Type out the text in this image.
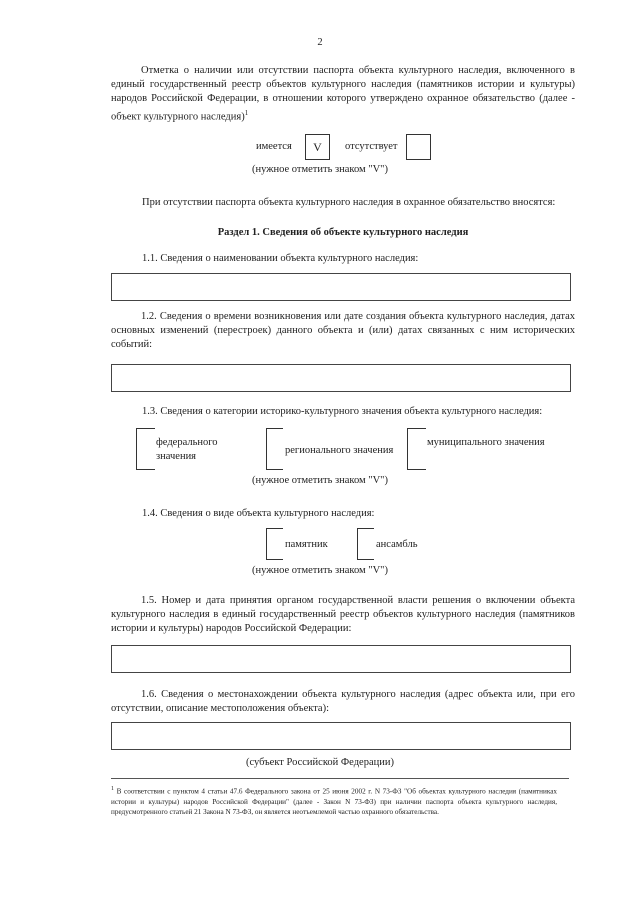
2
Отметка о наличии или отсутствии паспорта объекта культурного наследия, включенного в единый государственный реестр объектов культурного наследия (памятников истории и культуры) народов Российской Федерации, в отношении которого утверждено охранное обязательство (далее - объект культурного наследия)$^1$
имеется	V	отсутствует
(нужное отметить знаком "V")
При отсутствии паспорта объекта культурного наследия в охранное обязательство вносятся:
Раздел 1. Сведения об объекте культурного наследия
1.1. Сведения о наименовании объекта культурного наследия:
1.2. Сведения о времени возникновения или дате создания объекта культурного наследия, датах основных изменений (перестроек) данного объекта и (или) датах связанных с ним исторических событий:
1.3. Сведения о категории историко-культурного значения объекта культурного наследия:
федерального значения
регионального значения
муниципального значения
(нужное отметить знаком "V")
1.4. Сведения о виде объекта культурного наследия:
памятник	ансамбль
(нужное отметить знаком "V")
1.5. Номер и дата принятия органом государственной власти решения о включении объекта культурного наследия в единый государственный реестр объектов культурного наследия (памятников истории и культуры) народов Российской Федерации:
1.6. Сведения о местонахождении объекта культурного наследия (адрес объекта или, при его отсутствии, описание местоположения объекта):
(субъект Российской Федерации)
$^1$ В соответствии с пунктом 4 статьи 47.6 Федерального закона от 25 июня 2002 г. N 73-ФЗ "Об объектах культурного наследия (памятниках истории и культуры) народов Российской Федерации" (далее - Закон N 73-ФЗ) при наличии паспорта объекта культурного наследия, предусмотренного статьей 21 Закона N 73-ФЗ, он является неотъемлемой частью охранного обязательства.
